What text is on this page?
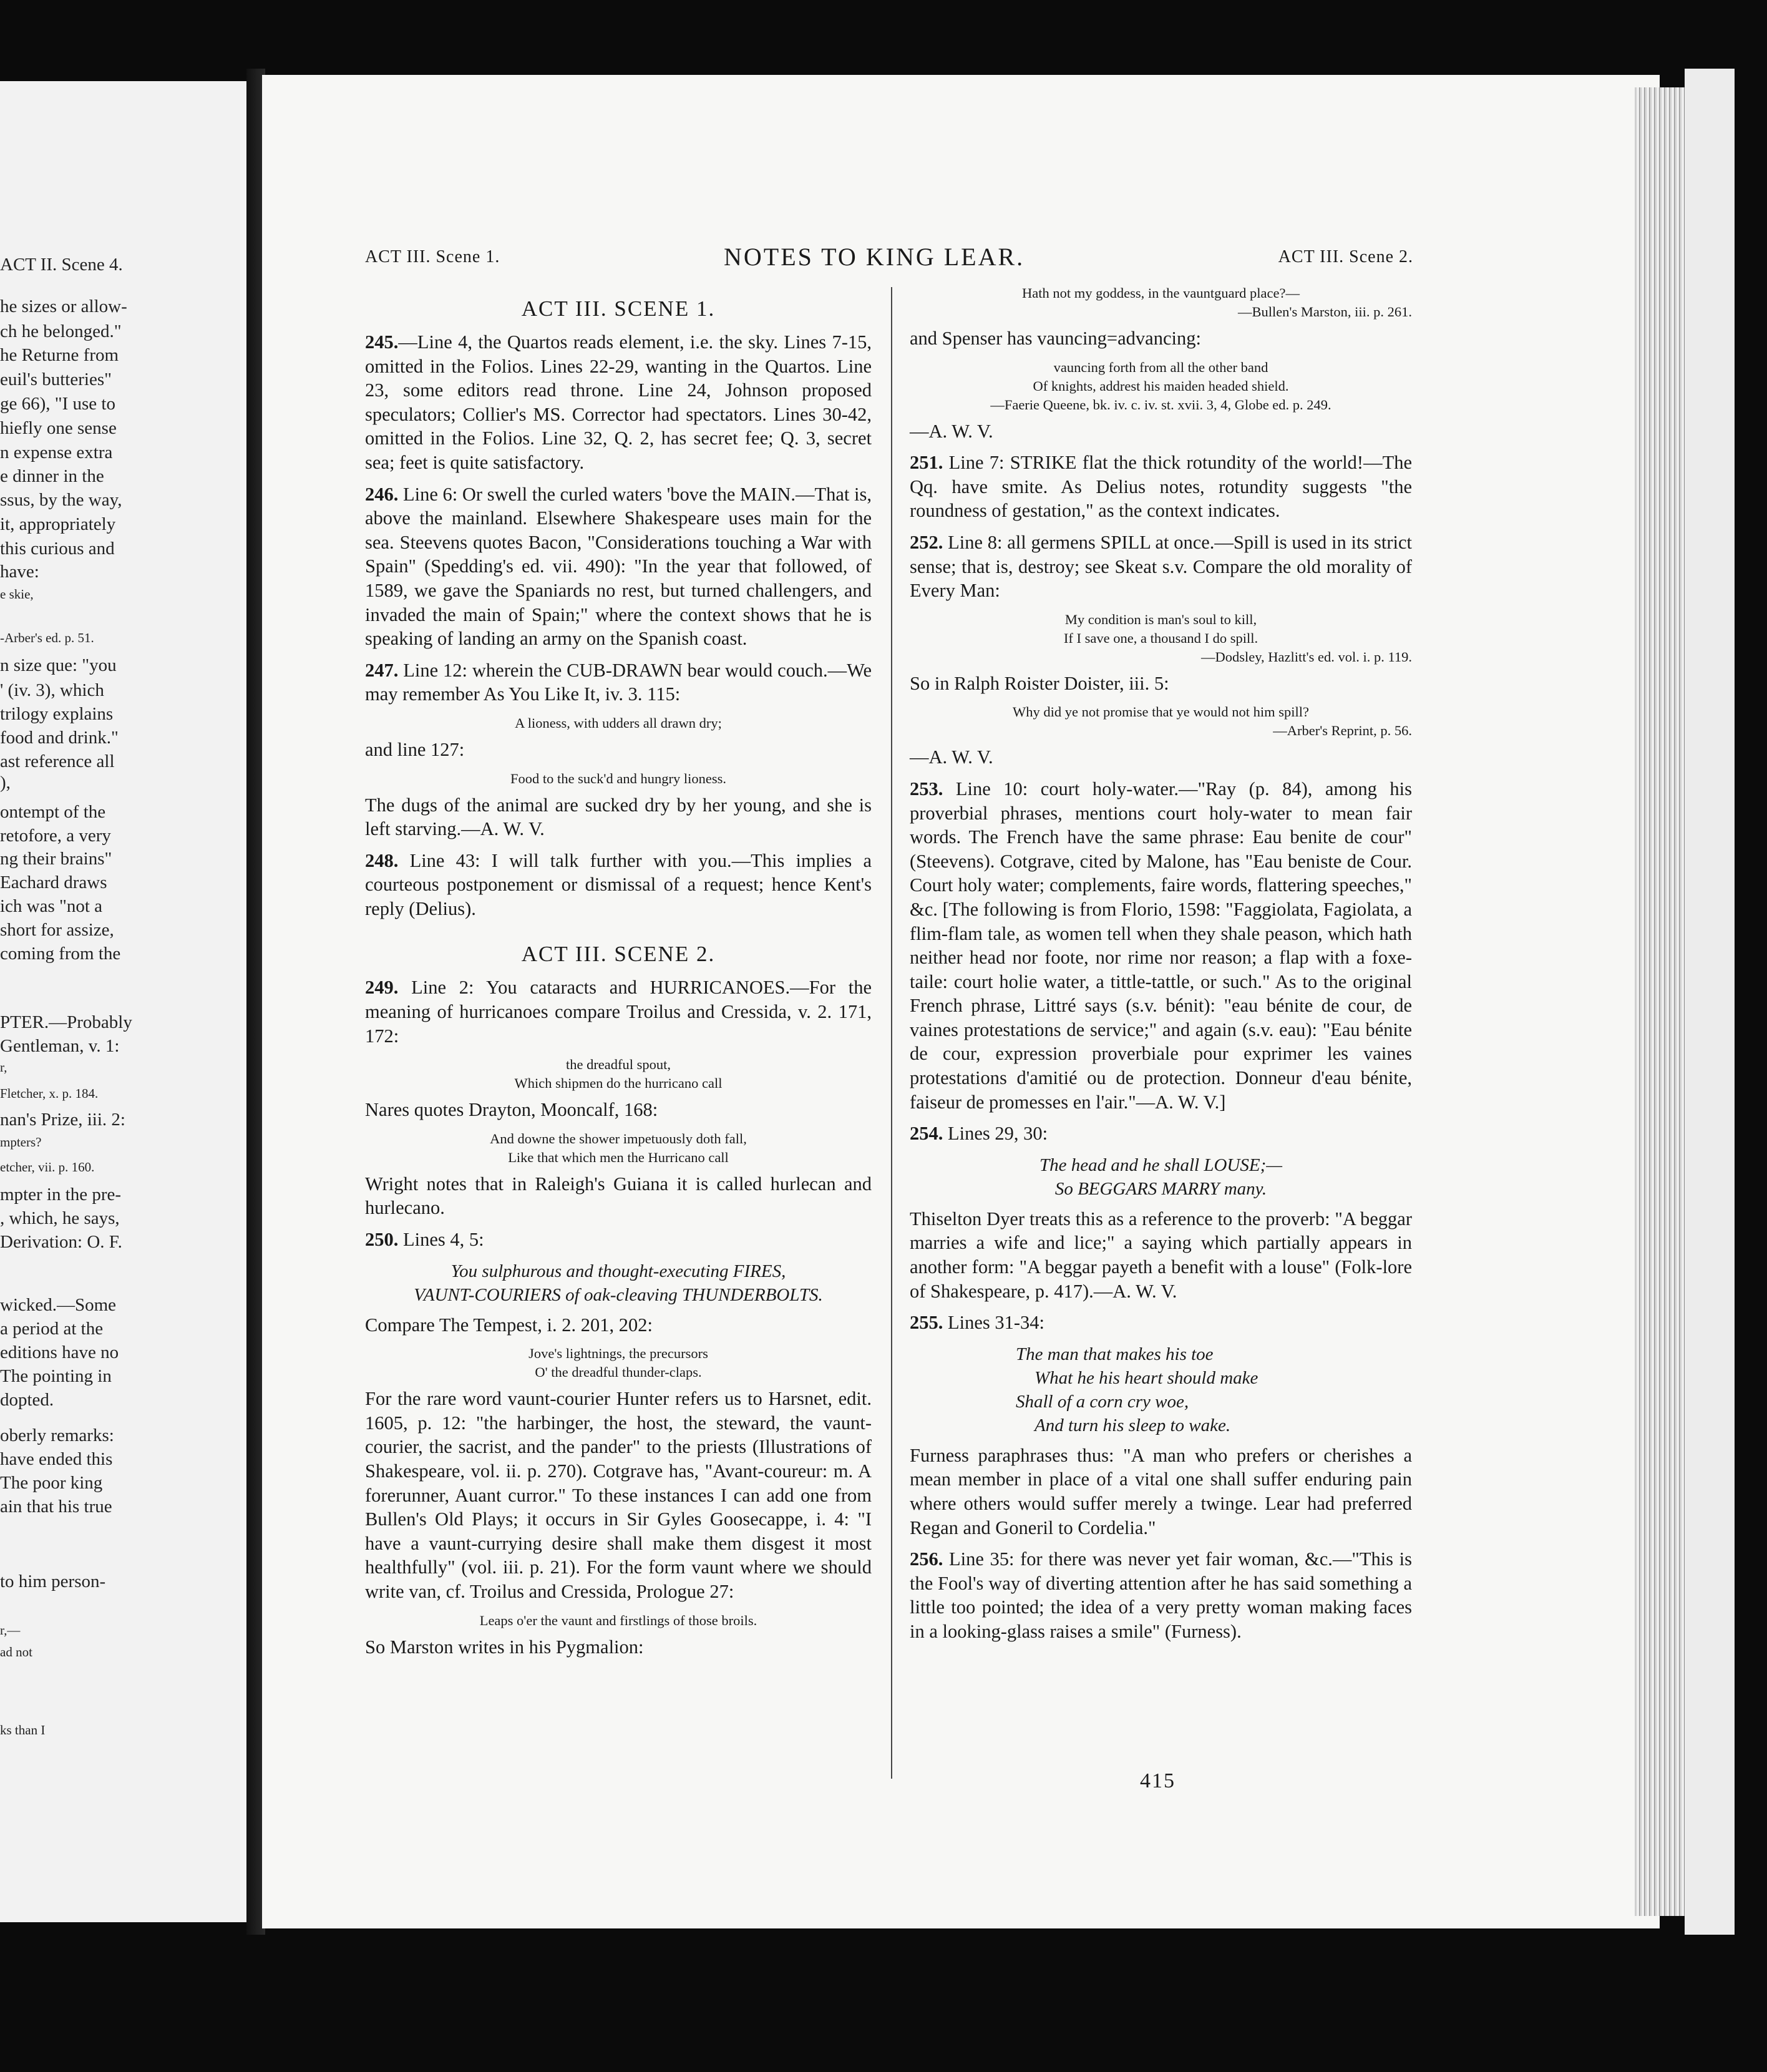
ACT II. Scene 4.
he sizes or allow-
ch he belonged."
he Returne from
euil's butteries"
ge 66), "I use to
hiefly one sense
n expense extra
e dinner in the
ssus, by the way,
it, appropriately
this curious and
have:
e skie,
-Arber's ed. p. 51.
n size que: "you
' (iv. 3), which
trilogy explains
food and drink."
ast reference all
),
ontempt of the
retofore, a very
ng their brains"
Eachard draws
ich was "not a
short for assize,
coming from the
PTER.—Probably
Gentleman, v. 1:
r,
Fletcher, x. p. 184.
nan's Prize, iii. 2:
mpters?
etcher, vii. p. 160.
mpter in the pre-
, which, he says,
Derivation: O. F.
wicked.—Some
a period at the
editions have no
The pointing in
dopted.
oberly remarks:
have ended this
The poor king
ain that his true
to him person-
r,—
ad not
ks than I
ACT III. Scene 1.	NOTES TO KING LEAR.	ACT III. Scene 2.
ACT III. SCENE 1.

245.—Line 4, the Quartos reads element, i.e. the sky. Lines 7-15, omitted in the Folios. Lines 22-29, wanting in the Quartos. Line 23, some editors read throne. Line 24, Johnson proposed speculators; Collier's MS. Corrector had spectators. Lines 30-42, omitted in the Folios. Line 32, Q. 2, has secret fee; Q. 3, secret sea; feet is quite satisfactory.

246. Line 6: Or swell the curled waters 'bove the MAIN.—That is, above the mainland. Elsewhere Shakespeare uses main for the sea. Steevens quotes Bacon, "Considerations touching a War with Spain" (Spedding's ed. vii. 490): "In the year that followed, of 1589, we gave the Spaniards no rest, but turned challengers, and invaded the main of Spain;" where the context shows that he is speaking of landing an army on the Spanish coast.

247. Line 12: wherein the CUB-DRAWN bear would couch.—We may remember As You Like It, iv. 3. 115:

A lioness, with udders all drawn dry;

and line 127:

Food to the suck'd and hungry lioness.

The dugs of the animal are sucked dry by her young, and she is left starving.—A. W. V.

248. Line 43: I will talk further with you.—This implies a courteous postponement or dismissal of a request; hence Kent's reply (Delius).

ACT III. SCENE 2.

249. Line 2: You cataracts and HURRICANOES.—For the meaning of hurricanoes compare Troilus and Cressida, v. 2. 171, 172:

the dreadful spout,
Which shipmen do the hurricano call

Nares quotes Drayton, Mooncalf, 168:

And downe the shower impetuously doth fall,
Like that which men the Hurricano call

Wright notes that in Raleigh's Guiana it is called hurlecan and hurlecano.

250. Lines 4, 5:

You sulphurous and thought-executing FIRES,
VAUNT-COURIERS of oak-cleaving THUNDERBOLTS.

Compare The Tempest, i. 2. 201, 202:

Jove's lightnings, the precursors
O' the dreadful thunder-claps.

For the rare word vaunt-courier Hunter refers us to Harsnet, edit. 1605, p. 12: "the harbinger, the host, the steward, the vaunt-courier, the sacrist, and the pander" to the priests (Illustrations of Shakespeare, vol. ii. p. 270). Cotgrave has, "Avant-coureur: m. A forerunner, Auant curror." To these instances I can add one from Bullen's Old Plays; it occurs in Sir Gyles Goosecappe, i. 4: "I have a vaunt-currying desire shall make them disgest it most healthfully" (vol. iii. p. 21). For the form vaunt where we should write van, cf. Troilus and Cressida, Prologue 27:

Leaps o'er the vaunt and firstlings of those broils.

So Marston writes in his Pygmalion:

Hath not my goddess, in the vauntguard place?—
—Bullen's Marston, iii. p. 261.

and Spenser has vauncing=advancing:

vauncing forth from all the other band
Of knights, addrest his maiden headed shield.
—Faerie Queene, bk. iv. c. iv. st. xvii. 3, 4, Globe ed. p. 249.

—A. W. V.

251. Line 7: STRIKE flat the thick rotundity of the world!—The Qq. have smite. As Delius notes, rotundity suggests "the roundness of gestation," as the context indicates.

252. Line 8: all germens SPILL at once.—Spill is used in its strict sense; that is, destroy; see Skeat s.v. Compare the old morality of Every Man:

My condition is man's soul to kill,
If I save one, a thousand I do spill.
—Dodsley, Hazlitt's ed. vol. i. p. 119.

So in Ralph Roister Doister, iii. 5:

Why did ye not promise that ye would not him spill?
—Arber's Reprint, p. 56.

—A. W. V.

253. Line 10: court holy-water.—"Ray (p. 84), among his proverbial phrases, mentions court holy-water to mean fair words. The French have the same phrase: Eau benite de cour" (Steevens). Cotgrave, cited by Malone, has "Eau beniste de Cour. Court holy water; complements, faire words, flattering speeches," &c. [The following is from Florio, 1598: "Faggiolata, Fagiolata, a flim-flam tale, as women tell when they shale peason, which hath neither head nor foote, nor rime nor reason; a flap with a foxe-taile: court holie water, a tittle-tattle, or such." As to the original French phrase, Littré says (s.v. bénit): "eau bénite de cour, de vaines protestations de service;" and again (s.v. eau): "Eau bénite de cour, expression proverbiale pour exprimer les vaines protestations d'amitié ou de protection. Donneur d'eau bénite, faiseur de promesses en l'air."—A. W. V.]

254. Lines 29, 30:

The head and he shall LOUSE;—
So BEGGARS MARRY many.

Thiselton Dyer treats this as a reference to the proverb: "A beggar marries a wife and lice;" a saying which partially appears in another form: "A beggar payeth a benefit with a louse" (Folk-lore of Shakespeare, p. 417).—A. W. V.

255. Lines 31-34:

The man that makes his toe
What he his heart should make
Shall of a corn cry woe,
And turn his sleep to wake.

Furness paraphrases thus: "A man who prefers or cherishes a mean member in place of a vital one shall suffer enduring pain where others would suffer merely a twinge. Lear had preferred Regan and Goneril to Cordelia."

256. Line 35: for there was never yet fair woman, &c.—"This is the Fool's way of diverting attention after he has said something a little too pointed; the idea of a very pretty woman making faces in a looking-glass raises a smile" (Furness).

415
